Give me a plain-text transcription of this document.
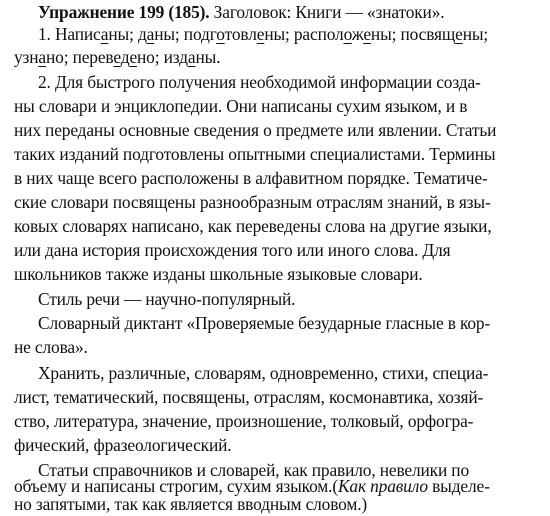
Упражнение 199 (185). Заголовок: Книги — «знатоки».
1. Написаны; даны; подготовлены; расположены; посвящены;
узнано; переведено; изданы.
2. Для быстрого получения необходимой информации созда-
ны словари и энциклопедии. Они написаны сухим языком, и в
них переданы основные сведения о предмете или явлении. Статьи
таких изданий подготовлены опытными специалистами. Термины
в них чаще всего расположены в алфавитном порядке. Тематиче-
ские словари посвящены разнообразным отраслям знаний, в язы-
ковых словарях написано, как переведены слова на другие языки,
или дана история происхождения того или иного слова. Для
школьников также изданы школьные языковые словари.
Стиль речи — научно-популярный.
Словарный диктант «Проверяемые безударные гласные в кор-
не слова».
Хранить, различные, словарям, одновременно, стихи, специа-
лист, тематический, посвящены, отраслям, космонавтика, хозяй-
ство, литература, значение, произношение, толковый, орфогра-
фический, фразеологический.
Статьи справочников и словарей, как правило, невелики по
объему и написаны строгим, сухим языком.(Как правило выделе-
но запятыми, так как является вводным словом.)
